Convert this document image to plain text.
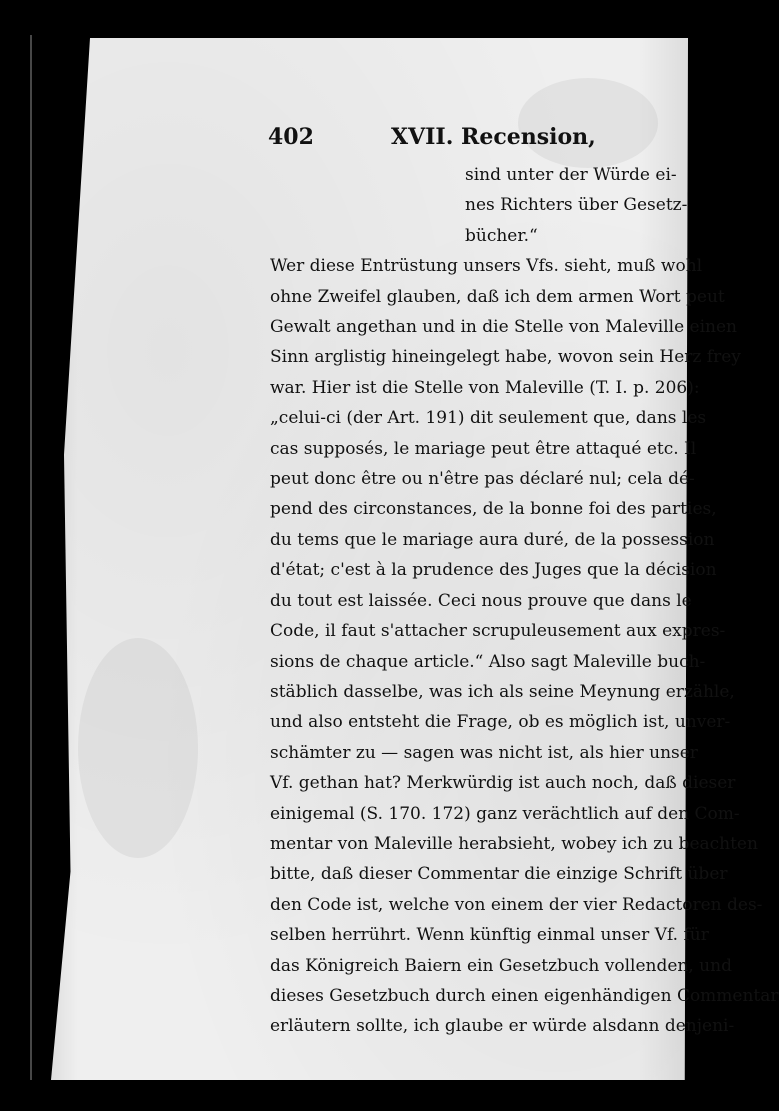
402	XVII. Recension,
sind unter der Würde ei-
nes Richters über Gesetz-
bücher.“
Wer diese Entrüstung unsers Vfs. sieht, muß wohl
ohne Zweifel glauben, daß ich dem armen Wort peut
Gewalt angethan und in die Stelle von Maleville einen
Sinn arglistig hineingelegt habe, wovon sein Herz frey
war. Hier ist die Stelle von Maleville (T. I. p. 206):
„celui-ci (der Art. 191) dit seulement que, dans les
cas supposés, le mariage peut être attaqué etc. Il
peut donc être ou n'être pas déclaré nul; cela dé-
pend des circonstances, de la bonne foi des parties,
du tems que le mariage aura duré, de la possession
d'état; c'est à la prudence des Juges que la décision
du tout est laissée. Ceci nous prouve que dans le
Code, il faut s'attacher scrupuleusement aux expres-
sions de chaque article.“ Also sagt Maleville buch-
stäblich dasselbe, was ich als seine Meynung erzähle,
und also entsteht die Frage, ob es möglich ist, unver-
schämter zu — sagen was nicht ist, als hier unser
Vf. gethan hat? Merkwürdig ist auch noch, daß dieser
einigemal (S. 170. 172) ganz verächtlich auf den Com-
mentar von Maleville herabsieht, wobey ich zu beachten
bitte, daß dieser Commentar die einzige Schrift über
den Code ist, welche von einem der vier Redactoren des-
selben herrührt. Wenn künftig einmal unser Vf. für
das Königreich Baiern ein Gesetzbuch vollenden, und
dieses Gesetzbuch durch einen eigenhändigen Commentar
erläutern sollte, ich glaube er würde alsdann denjeni-
